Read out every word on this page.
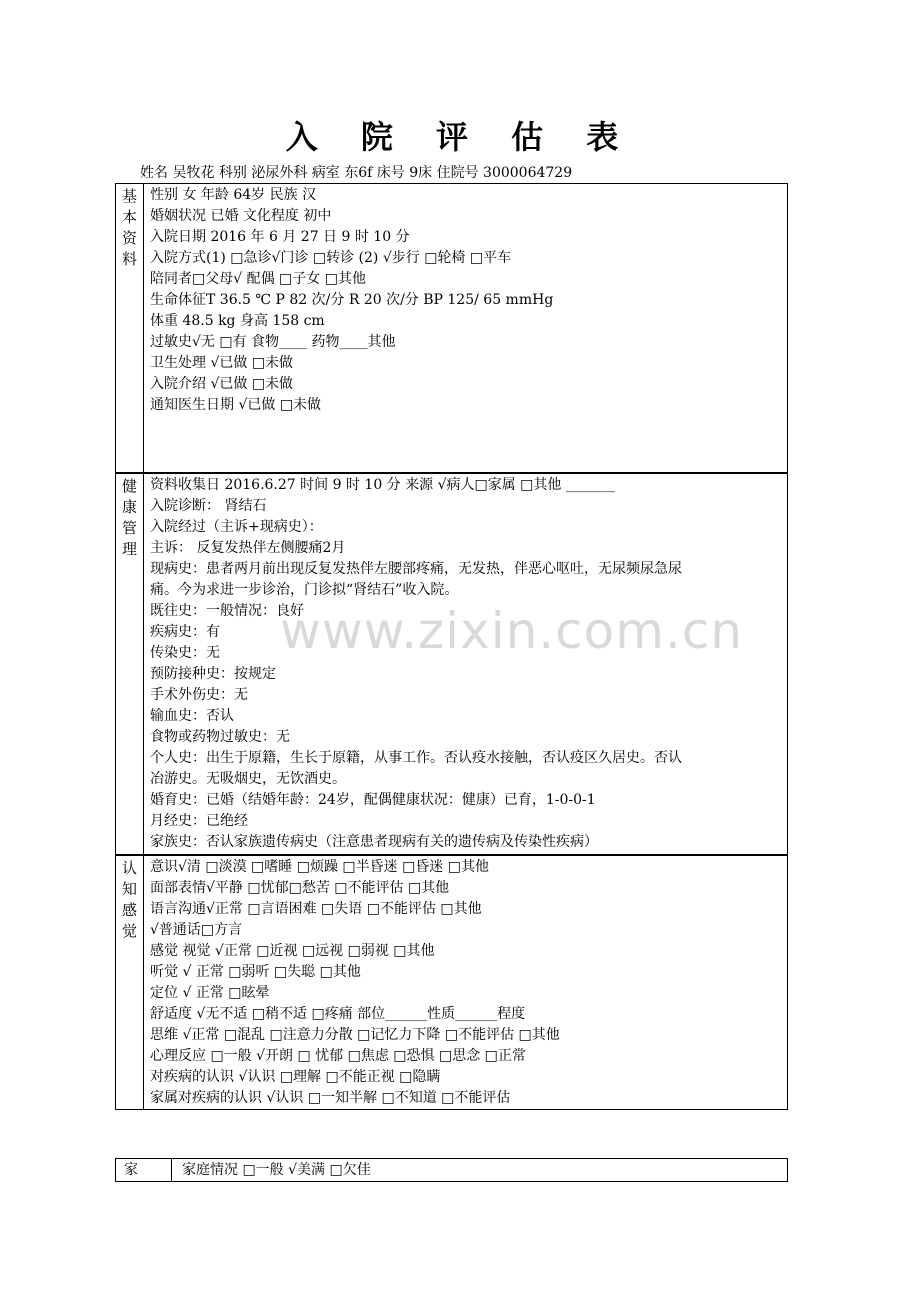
入 院 评 估 表
姓名 吴牧花 科别 泌尿外科 病室 东6f 床号 9床 住院号 3000064729
基本资料
性别 女 年龄 64岁 民族 汉
婚姻状况 已婚 文化程度 初中
入院日期 2016 年 6 月 27 日 9 时 10 分
入院方式(1) □急诊√门诊 □转诊 (2) √步行 □轮椅 □平车
陪同者□父母√ 配偶 □子女 □其他
生命体征T 36.5 ℃ P 82 次/分 R 20 次/分 BP 125/ 65 mmHg
体重 48.5 kg 身高 158 cm
过敏史√无 □有 食物____ 药物____其他
卫生处理 √已做 □未做
入院介绍 √已做 □未做
通知医生日期 √已做 □未做
健康管理
资料收集日 2016.6.27 时间 9 时 10 分 来源 √病人□家属 □其他 _______
入院诊断： 肾结石
入院经过（主诉+现病史）：
主诉： 反复发热伴左侧腰痛2月
现病史：患者两月前出现反复发热伴左腰部疼痛，无发热，伴恶心呕吐，无尿频尿急尿
痛。今为求进一步诊治，门诊拟“肾结石”收入院。
既往史：一般情况：良好
疾病史：有
传染史：无
预防接种史：按规定
手术外伤史：无
输血史：否认
食物或药物过敏史：无
个人史：出生于原籍，生长于原籍，从事工作。否认疫水接触，否认疫区久居史。否认
冶游史。无吸烟史，无饮酒史。
婚育史：已婚（结婚年龄：24岁，配偶健康状况：健康）已育，1-0-0-1
月经史：已绝经
家族史：否认家族遗传病史（注意患者现病有关的遗传病及传染性疾病）
认知感觉
意识√清 □淡漠 □嗜睡 □烦躁 □半昏迷 □昏迷 □其他
面部表情√平静 □忧郁□愁苦 □不能评估 □其他
语言沟通√正常 □言语困难 □失语 □不能评估 □其他
√普通话□方言
感觉 视觉 √正常 □近视 □远视 □弱视 □其他
听觉 √ 正常 □弱听 □失聪 □其他
定位 √ 正常 □眩晕
舒适度 √无不适 □稍不适 □疼痛 部位______性质______程度
思维 √正常 □混乱 □注意力分散 □记忆力下降 □不能评估 □其他
心理反应 □一般 √开朗 □ 忧郁 □焦虑 □恐惧 □思念 □正常
对疾病的认识 √认识 □理解 □不能正视 □隐瞒
家属对疾病的认识 √认识 □一知半解 □不知道 □不能评估
www.zixin.com.cn
家	家庭情况 □一般 √美满 □欠佳
